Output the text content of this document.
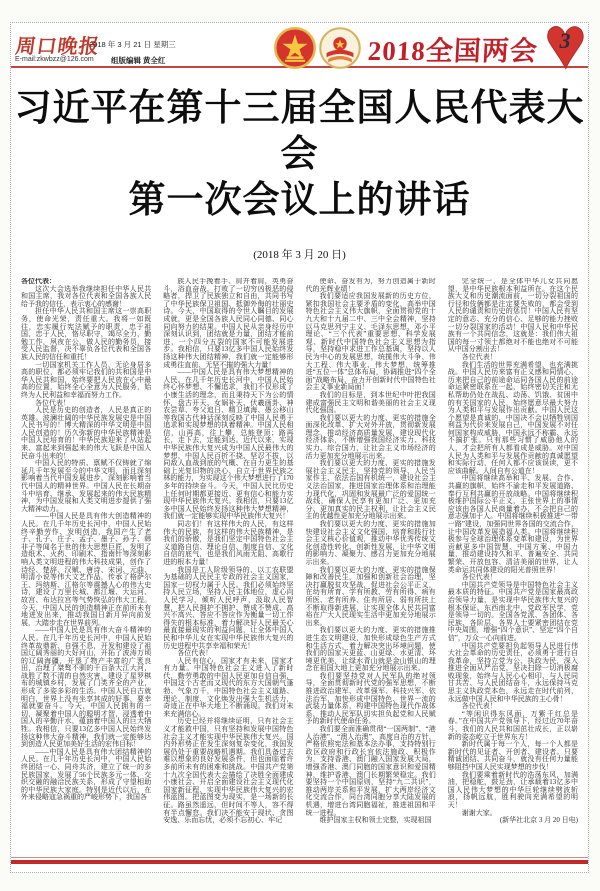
周口晚报
2018 年 3 月 21 日 星期三
E-mail:zkwbzz@126.com 组版编辑 黄全红	2018全国两会 3
习近平在第十三届全国人民代表大会
第一次会议上的讲话
(2018 年 3 月 20 日)

各位代表：

这次大会选举我继续担任中华人民共和国主席，我对各位代表和全国各族人民给予我的信任，表示衷心的感谢！

担任中华人民共和国主席这一崇高职务，使命光荣，责任重大。我将一如既往，忠实履行宪法赋予的职责，忠于祖国，忠于人民，恪尽职守，竭尽全力，勤勉工作，夙夜在公，做人民的勤务员，接受人民监督，决不辜负各位代表和全国各族人民的信任和重托！

一切国家机关工作人员，无论身居多高的职位，都必须牢记我们的共和国是中华人民共和国，始终要把人民放在心中最高的位置，始终全心全意为人民服务，始终为人民利益和幸福而努力工作。

各位代表！

人民是历史的创造者，人民是真正的英雄。波澜壮阔的中华民族发展史是中国人民书写的！博大精深的中华文明是中国人民创造的！历久弥新的中华民族精神是中国人民培育的！中华民族迎来了从站起来、富起来到强起来的伟大飞跃是中国人民奋斗出来的！

中国人民的特质、禀赋不仅铸就了绵延几千年发展至今的中华文明，而且深刻影响着当代中国发展进步，深刻影响着当代中国人的精神世界。中国人民在长期奋斗中培育、继承、发展起来的伟大民族精神，为中国发展和人类文明进步提供了强大精神动力。

——中国人民是具有伟大创造精神的人民。在几千年历史长河中，中国人民始终辛勤劳作、发明创造，我国产生了老子、孔子、庄子、孟子、墨子、孙子、韩非子等闻名于世的伟大思想巨匠，发明了造纸术、火药、印刷术、指南针等深刻影响人类文明进程的伟大科技成果，创作了诗经、楚辞、汉赋、唐诗、宋词、元曲、明清小说等伟大文艺作品，传承了格萨尔王、玛纳斯、江格尔等震撼人心的伟大史诗，建设了万里长城、都江堰、大运河、故宫、布达拉宫等气势恢弘的伟大工程。今天，中国人民的创造精神正在前所未有地迸发出来，推动我国日新月异向前发展，大踏步走在世界前列。

——中国人民是具有伟大奋斗精神的人民。在几千年历史长河中，中国人民始终革故鼎新、自强不息，开发和建设了祖国辽阔秀丽的大好河山，开拓了波涛万顷的辽阔海疆，开垦了物产丰富的广袤良田，治理了桀骜不驯的千百条大江大河，战胜了数不清的自然灾害，建设了星罗棋布的城镇乡村，发展了门类齐全的产业，形成了多姿多彩的生活。中国人民自古就明白，世界上没有坐享其成的好事，要幸福就要奋斗。今天，中国人民拥有的一切，凝聚着中国人的聪明才智，浸透着中国人的辛勤汗水，蕴涵着中国人的巨大牺牲。我相信，只要13亿多中国人民始终发扬这种伟大奋斗精神，我们就一定能够达到创造人民更加美好生活的宏伟目标！

——中国人民是具有伟大团结精神的人民。在几千年历史长河中，中国人民始终团结一心、同舟共济，建立了统一的多民族国家，发展了56个民族多元一体、交织交融的融洽民族关系，形成了守望相助的中华民族大家庭。特别是近代以后，在外来侵略寇急祸重的严峻形势下，我国各

族人民手挽着手、肩并着肩，英勇奋斗，浴血奋战，打败了一切穷凶极恶的侵略者，捍卫了民族独立和自由，共同书写了中华民族保卫祖国、抵御外侮的壮丽史诗。今天，中国取得的令世人瞩目的发展成就，更是全国各族人民同心同德、同心同向努力的结果。中国人民从亲身经历中深刻认识到，团结就是力量，团结才能前进，一个四分五裂的国家不可能发展进步。我相信，只要13亿多中国人民始终发扬这种伟大团结精神，我们就一定能够形成勇往直前、无坚不摧的强大力量！

——中国人民是具有伟大梦想精神的人民。在几千年历史长河中，中国人民始终心怀梦想、不懈追求，我们不仅形成了小康生活的理念，而且秉持天下为公的情怀，盘古开天、女娲补天、伏羲画卦、神农尝草、夸父追日、精卫填海、愚公移山等我国古代神话深刻反映了中国人民勇于追求和实现梦想的执着精神。中国人民相信，山再高，往上攀，总能登顶；路再长，走下去，定能到达。近代以来，实现中华民族伟大复兴成为中国人民最伟大的梦想，中国人民百折不挠、坚忍不拔，以同敌人血战到底的气概、在自力更生的基础上光复旧物的决心、自立于世界民族之林的能力，为实现这个伟大梦想进行了170多年的持续奋斗。今天，中国人民比历史上任何时期都更接近、更有信心和能力实现中华民族伟大复兴。我相信，只要13亿多中国人民始终发扬这种伟大梦想精神，我们就一定能够实现中华民族伟大复兴！

同志们！有这样伟大的人民，有这样伟大的民族，有这样的伟大民族精神，是我们的骄傲，是我们坚定中国特色社会主义道路自信、理论自信、制度自信、文化自信的底气，也是我们风雨无阻、高歌行进的根本力量！

我国是工人阶级领导的、以工农联盟为基础的人民民主专政的社会主义国家，国家一切权力属于人民。我们必须始终坚持人民立场，坚持人民主体地位，虚心向人民学习，倾听人民呼声，汲取人民智慧，把人民拥护不拥护、赞成不赞成、高兴不高兴、答应不答应作为衡量一切工作得失的根本标准，着力解决好人民最关心最直接最现实的利益问题，让全体中国人民和中华儿女在实现中华民族伟大复兴的历史进程中共享幸福和荣光！

各位代表！

人民有信心，国家才有未来，国家才有力量。中国特色社会主义进入了新时代，勤劳勇敢的中国人民更加自信自强，中国这个古老而又现代的东方大国朝气蓬勃、气象万千，中国特色社会主义道路、理论、制度、文化焕发出强大生机活力，奇迹正在中华大地上不断涌现。我们对未来充满信心。

历史已经并将继续证明，只有社会主义才能救中国，只有坚持和发展中国特色社会主义才能实现中华民族伟大复兴。国内外形势正在发生深刻复杂变化，我国发展仍处于重要战略机遇期。我们具备过去难以想象的良好发展条件，但也面临着许多前所未有的困难和挑战。中国共产党第十九次全国代表大会描绘了决胜全面建成小康社会、开启全面建设社会主义现代化国家新征程、实现中华民族伟大复兴的宏伟蓝图。把蓝图变为现实，是一场新的长征。路虽然遥远，但时间不等人，容不得有半点懈怠。我们决不能安于现状、贪图安逸、乐而忘忧，必须不忘初心、牢记

使命、奋发有为，努力创造属于新时代的光辉业绩！

我们要适应我国发展新的历史方位，紧扣我国社会主要矛盾的变化，高举中国特色社会主义伟大旗帜，全面贯彻党的十九大和十九届二中、三中全会精神，坚持以马克思列宁主义、毛泽东思想、邓小平理论、“三个代表”重要思想、科学发展观、新时代中国特色社会主义思想为指导，坚持稳中求进工作总基调，坚持以人民为中心的发展思想，统揽伟大斗争、伟大工程、伟大事业、伟大梦想，统筹推进“五位一体”总体布局，协调推进“四个全面”战略布局，奋力开创新时代中国特色社会主义事业新局面！

我们的目标是，到本世纪中叶把我国建成富强民主文明和谐美丽的社会主义现代化强国。

我们要以更大的力度、更实的措施全面深化改革、扩大对外开放，贯彻新发展理念，推动经济高质量发展，建设现代化经济体系，不断增强我国经济实力、科技实力、综合国力，让社会主义市场经济的活力更加充分地展示出来。

我们要以更大的力度、更实的措施发展社会主义民主，坚持党的领导、人民当家作主、依法治国有机统一，建设社会主义法治国家，推进国家治理体系和治理能力现代化，巩固和发展最广泛的爱国统一战线，确保人民享有更加广泛、更加充分、更加真实的民主权利，让社会主义民主的优越性更加充分地展示出来。

我们要以更大的力度、更实的措施加快建设社会主义文化强国，培育和践行社会主义核心价值观，推动中华优秀传统文化创造性转化、创新性发展，让中华文明的影响力、凝聚力、感召力更加充分地展示出来。

我们要以更大的力度、更实的措施保障和改善民生，加强和创新社会治理，坚决打赢脱贫攻坚战，促进社会公平正义，在幼有所育、学有所教、劳有所得、病有所医、老有所养、住有所居、弱有所扶上不断取得新进展，让实现全体人民共同富裕在广大人民现实生活中更加充分地展示出来。

我们要以更大的力度、更实的措施推进生态文明建设，加快形成绿色生产方式和生活方式，着力解决突出环境问题，使我们的国家天更蓝、山更绿、水更清、环境更优美，让绿水青山就是金山银山的理念在祖国大地上更加充分地展示出来。

我们要坚持党对人民军队的绝对领导，全面贯彻新时代党的强军思想，不断推进政治建军、改革强军、科技兴军、依法治军，加快形成中国特色、世界一流的武装力量体系，构建中国特色现代作战体系，推动人民军队切实担负起党和人民赋予的新时代使命任务。

我们要全面准确贯彻“一国两制”、“港人治港”、“澳人治澳”、高度自治的方针，严格依照宪法和基本法办事，支持特别行政区政府和行政长官依法施政、积极作为，支持香港、澳门融入国家发展大局，增强香港、澳门同胞的国家意识和爱国精神，维护香港、澳门长期繁荣稳定。我们要坚持一个中国原则，坚持“九二共识”，推动两岸关系和平发展，扩大两岸经济文化交流合作，同台湾同胞分享大陆发展的机遇，增进台湾同胞福祉，推进祖国和平统一进程。

维护国家主权和领土完整，实现祖国

完全统一，是全体中华儿女共同愿望，是中华民族根本利益所在。在这个民族大义和历史潮流面前，一切分裂祖国的行径和伎俩都是注定要失败的，都会受到人民的谴责和历史的惩罚！中国人民有坚定的意志、充分的信心、足够的能力挫败一切分裂国家的活动！中国人民和中华民族有一个共同信念，这就是：我们伟大祖国的每一寸领土都绝对不能也绝对不可能从中国分割出去！

各位代表！

我们生活的世界充满希望，也充满挑战。中国人民历来富有正义感和同情心，历来把自己的前途命运同各国人民的前途命运紧密联系在一起，始终密切关注和无私帮助仍处在战乱、动荡、饥饿、贫困中的有关国家的人民，始终愿意尽最大努力为人类和平与发展作出贡献。中国人民这个愿望是真诚的，中国决不会以牺牲别国利益为代价来发展自己，中国发展不对任何国家构成威胁，中国永远不称霸、永远不搞扩张。只有那些习惯了威胁他人的人，才会把所有人都看成是威胁。对中国人民为人类和平与发展作贡献的真诚愿望和实际行动，任何人都不应该误读，更不应该曲解。人间自有公道在！

中国将继续高举和平、发展、合作、共赢的旗帜，始终不渝走和平发展道路、奉行互利共赢的开放战略。中国将继续积极维护国际公平正义，主张世界上的事情应该由各国人民商量着办，不会把自己的意志强加于人。中国将继续积极推进“一带一路”建设，加强同世界各国的交流合作，让中国改革发展造福人类。中国将继续积极参与全球治理体系变革和建设，为世界贡献更多中国智慧、中国方案、中国力量，推动建设持久和平、普遍安全、共同繁荣、开放包容、清洁美丽的世界，让人类命运共同体建设的阳光普照世界！

各位代表！

中国共产党领导是中国特色社会主义最本质的特征。中国共产党是国家最高政治领导力量，是实现中华民族伟大复兴的根本保证。东西南北中，党政军民学，党是领导一切的。全国各党派、各团体、各民族、各阶层、各界人士要紧密团结在党中央周围，增强“四个意识”、坚定“四个自信”，万众一心向前进。

中国共产党要担负起领导人民进行伟大社会革命的历史责任，必须勇于进行自我革命，坚持立党为公、执政为民，深入推进全面从严治党，坚决扫除一切消极腐败现象，始终与人民心心相印、与人民同甘共苦、与人民团结奋斗，永远保持马克思主义执政党本色，永远走在时代前列，永远做中国人民和中华民族的主心骨！

各位代表！

“等闲识得东风面，万紫千红总是春。”在中国共产党领导下，经过近70年奋斗，我们的人民共和国茁壮成长，正以崭新的姿态屹立于世界东方！

新时代属于每一个人，每一个人都是新时代的见证者、开创者、建设者。只要精诚团结、共同奋斗，就没有任何力量能够阻挡中国人民实现梦想的步伐！

我们要乘着新时代的浩荡东风，加满油，把稳舵，鼓足劲，让承载着13亿多中国人民伟大梦想的中华巨轮继续劈波斩浪，扬帆远航，胜利驶向充满希望的明天！

谢谢大家。

(新华社北京 3 月 20 日电)
